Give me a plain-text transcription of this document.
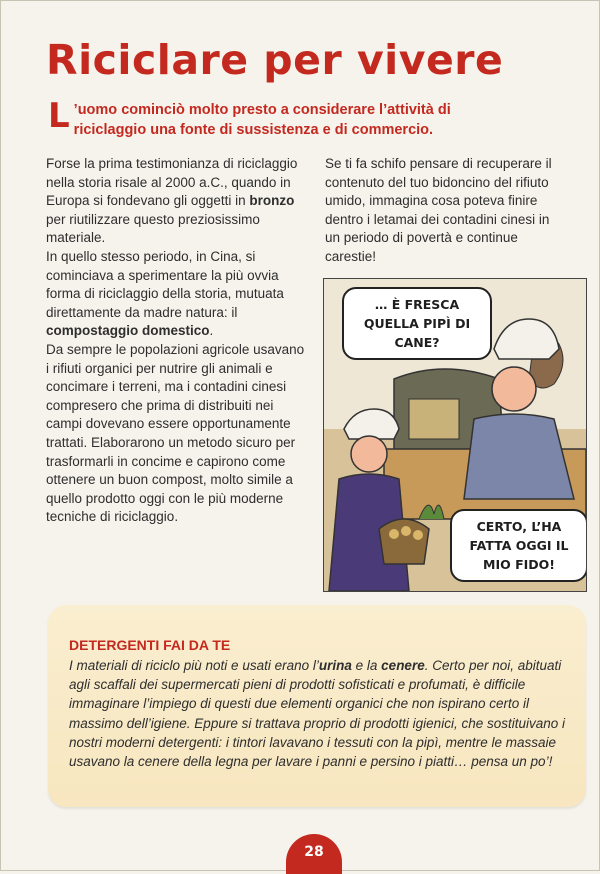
Riciclare per vivere
L ’uomo cominciò molto presto a considerare l’attività di riciclaggio una fonte di sussistenza e di commercio.

Forse la prima testimonianza di riciclaggio nella storia risale al 2000 a.C., quando in Europa si fondevano gli oggetti in bronzo per riutilizzare questo preziosissimo materiale.

In quello stesso periodo, in Cina, si cominciava a sperimentare la più ovvia forma di riciclaggio della storia, mutuata direttamente da madre natura: il compostaggio domestico.

Da sempre le popolazioni agricole usavano i rifiuti organici per nutrire gli animali e concimare i terreni, ma i contadini cinesi compresero che prima di distribuiti nei campi dovevano essere opportunamente trattati. Elaborarono un metodo sicuro per trasformarli in concime e capirono come ottenere un buon compost, molto simile a quello prodotto oggi con le più moderne tecniche di riciclaggio.

Se ti fa schifo pensare di recuperare il contenuto del tuo bidoncino del rifiuto umido, immagina cosa poteva finire dentro i letamai dei contadini cinesi in un periodo di povertà e continue carestie!

… È FRESCA QUELLA PIPÌ DI CANE?
CERTO, L’HA FATTA OGGI IL MIO FIDO!
DETERGENTI FAI DA TE
I materiali di riciclo più noti e usati erano l’urina e la cenere. Certo per noi, abituati agli scaffali dei supermercati pieni di prodotti sofisticati e profumati, è difficile immaginare l’impiego di questi due elementi organici che non ispirano certo il massimo dell’igiene. Eppure si trattava proprio di prodotti igienici, che sostituivano i nostri moderni detergenti: i tintori lavavano i tessuti con la pipì, mentre le massaie usavano la cenere della legna per lavare i panni e persino i piatti… pensa un po’!
28
